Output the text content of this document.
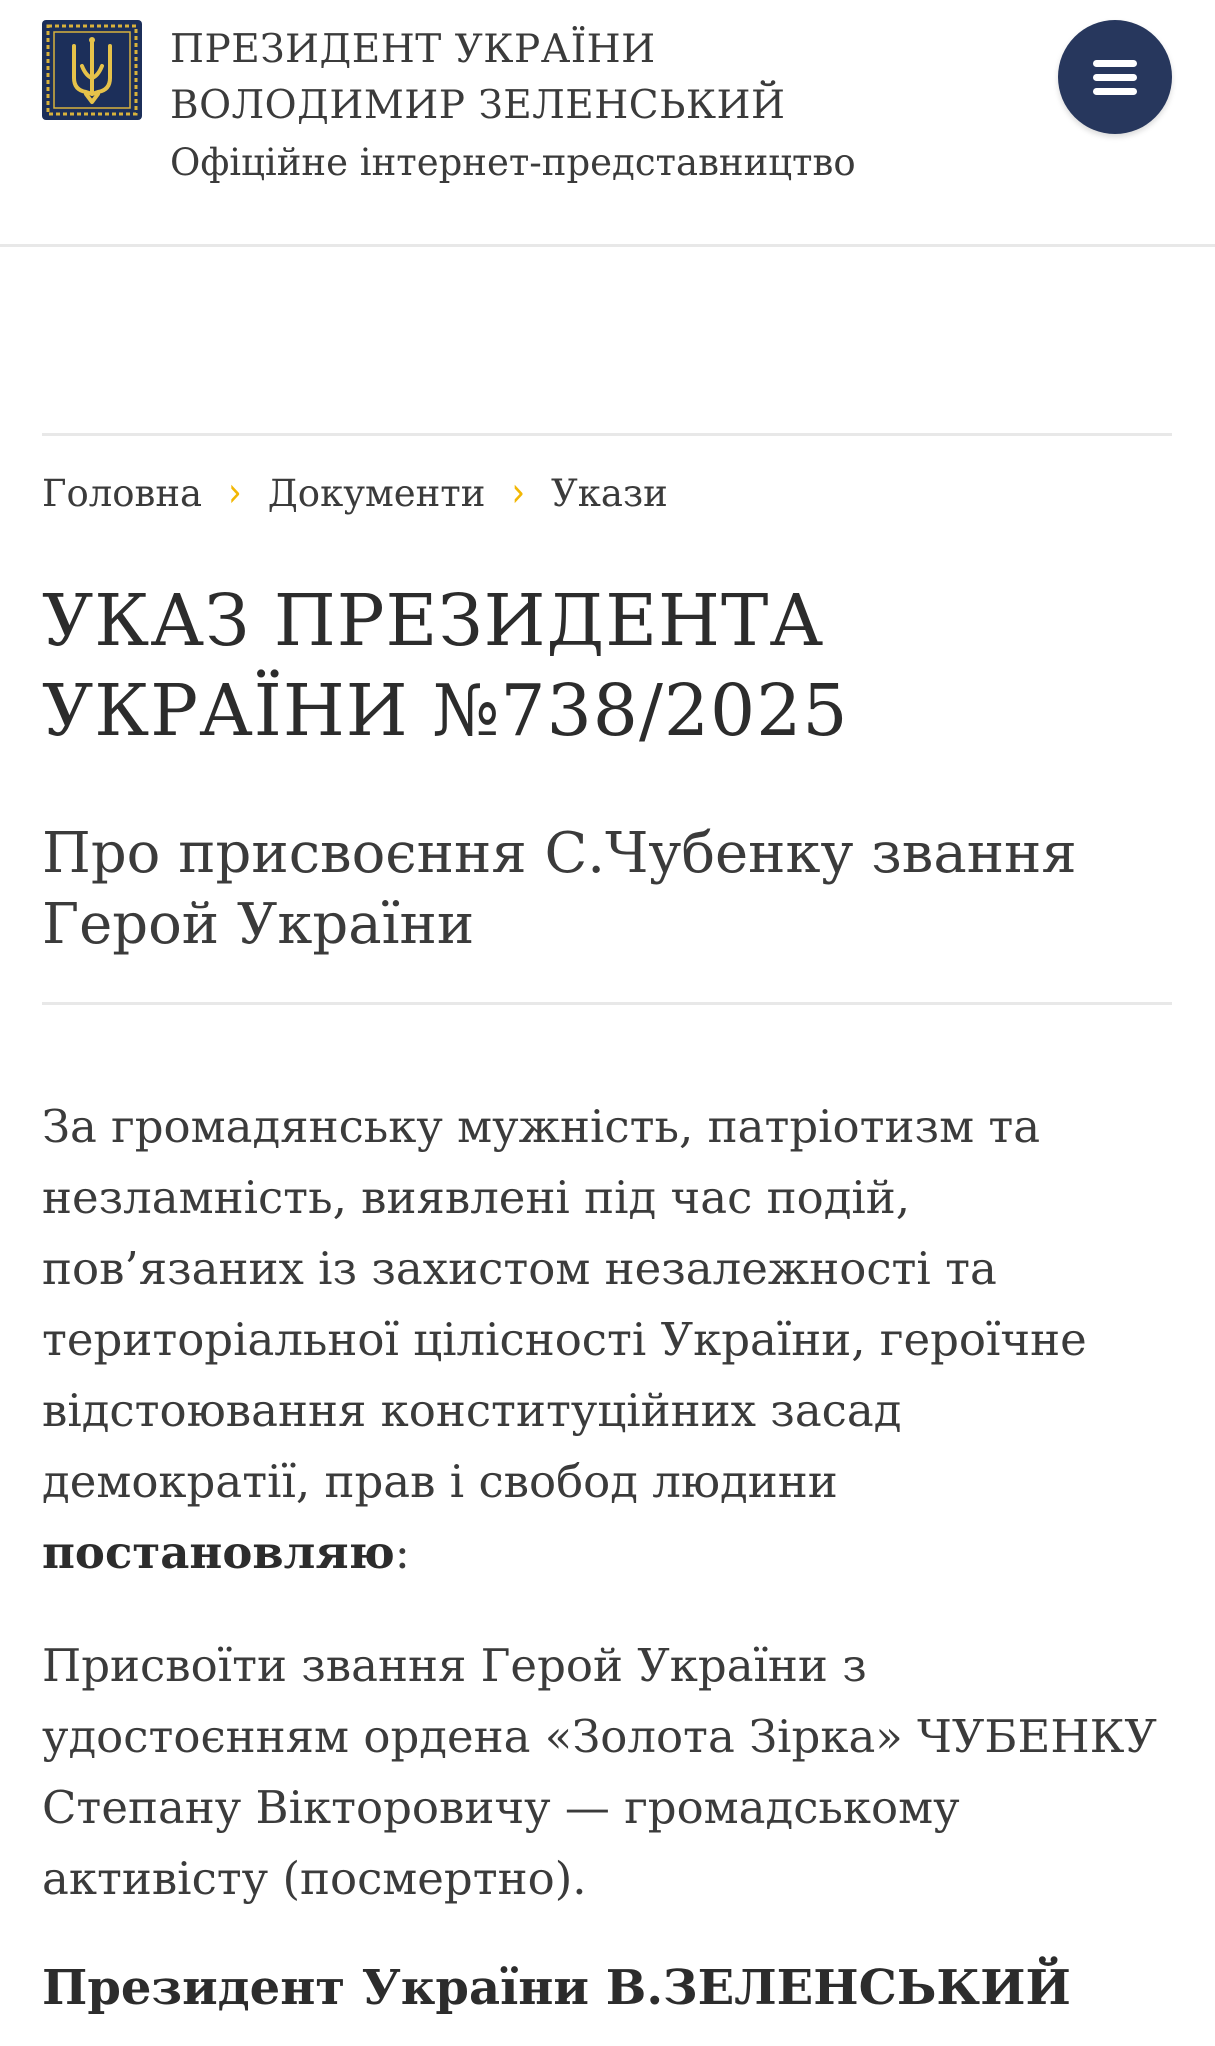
ПРЕЗИДЕНТ УКРАЇНИ
ВОЛОДИМИР ЗЕЛЕНСЬКИЙ
Офіційне інтернет-представництво
Головна › Документи › Укази
УКАЗ ПРЕЗИДЕНТА
УКРАЇНИ №738/2025
Про присвоєння С.Чубенку звання Герой України

За громадянську мужність, патріотизм та незламність, виявлені під час подій, пов’язаних із захистом незалежності та територіальної цілісності України, героїчне відстоювання конституційних засад демократії, прав і свобод людини постановляю:

Присвоїти звання Герой України з удостоєнням ордена «Золота Зірка» ЧУБЕНКУ Степану Вікторовичу — громадському активісту (посмертно).

Президент України В.ЗЕЛЕНСЬКИЙ
